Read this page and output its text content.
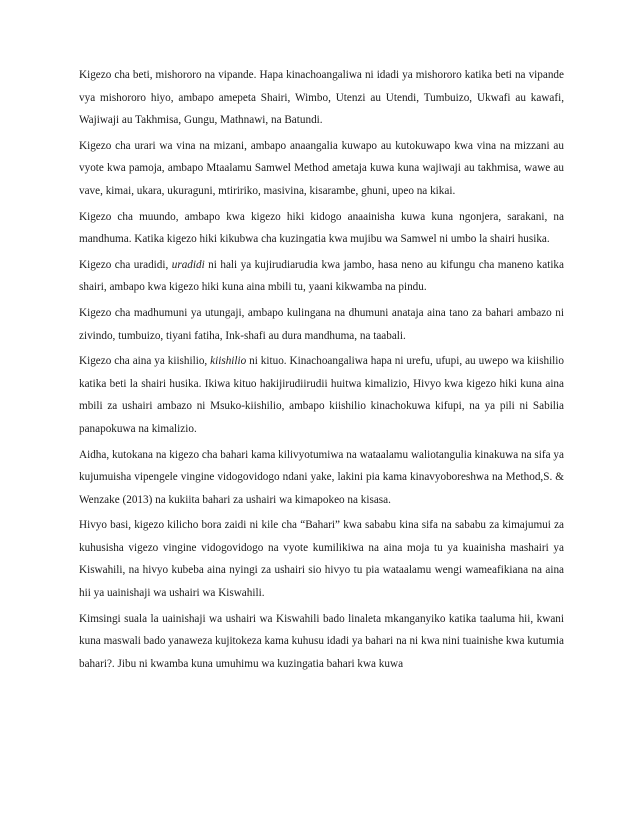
Kigezo cha beti, mishororo na vipande. Hapa kinachoangaliwa ni idadi ya mishororo katika beti na vipande vya mishororo hiyo, ambapo amepeta Shairi, Wimbo, Utenzi au Utendi, Tumbuizo, Ukwafi au kawafi, Wajiwaji au Takhmisa, Gungu, Mathnawi, na Batundi.

Kigezo cha urari wa vina na mizani, ambapo anaangalia kuwapo au kutokuwapo kwa vina na mizzani au vyote kwa pamoja, ambapo Mtaalamu Samwel Method ametaja kuwa kuna wajiwaji au takhmisa, wawe au vave, kimai, ukara, ukuraguni, mtiririko, masivina, kisarambe, ghuni, upeo na kikai.

Kigezo cha muundo, ambapo kwa kigezo hiki kidogo anaainisha kuwa kuna ngonjera, sarakani, na mandhuma. Katika kigezo hiki kikubwa cha kuzingatia kwa mujibu wa Samwel ni umbo la shairi husika.

Kigezo cha uradidi, uradidi ni hali ya kujirudiarudia kwa jambo, hasa neno au kifungu cha maneno katika shairi, ambapo kwa kigezo hiki kuna aina mbili tu, yaani kikwamba na pindu.

Kigezo cha madhumuni ya utungaji, ambapo kulingana na dhumuni anataja aina tano za bahari ambazo ni zivindo, tumbuizo, tiyani fatiha, Ink-shafi au dura mandhuma, na taabali.

Kigezo cha aina ya kiishilio, kiishilio ni kituo. Kinachoangaliwa hapa ni urefu, ufupi, au uwepo wa kiishilio katika beti la shairi husika. Ikiwa kituo hakijirudiirudii huitwa kimalizio, Hivyo kwa kigezo hiki kuna aina mbili za ushairi ambazo ni Msuko-kiishilio, ambapo kiishilio kinachokuwa kifupi, na ya pili ni Sabilia panapokuwa na kimalizio.

Aidha, kutokana na kigezo cha bahari kama kilivyotumiwa na wataalamu waliotangulia kinakuwa na sifa ya kujumuisha vipengele vingine vidogovidogo ndani yake, lakini pia kama kinavyoboreshwa na Method,S. & Wenzake (2013) na kukiita bahari za ushairi wa kimapokeo na kisasa.

Hivyo basi, kigezo kilicho bora zaidi ni kile cha “Bahari” kwa sababu kina sifa na sababu za kimajumui za kuhusisha vigezo vingine vidogovidogo na vyote kumilikiwa na aina moja tu ya kuainisha mashairi ya Kiswahili, na hivyo kubeba aina nyingi za ushairi sio hivyo tu pia wataalamu wengi wameafikiana na aina hii ya uainishaji wa ushairi wa Kiswahili.

Kimsingi suala la uainishaji wa ushairi wa Kiswahili bado linaleta mkanganyiko katika taaluma hii, kwani kuna maswali bado yanaweza kujitokeza kama kuhusu idadi ya bahari na ni kwa nini tuainishe kwa kutumia bahari?. Jibu ni kwamba kuna umuhimu wa kuzingatia bahari kwa kuwa
